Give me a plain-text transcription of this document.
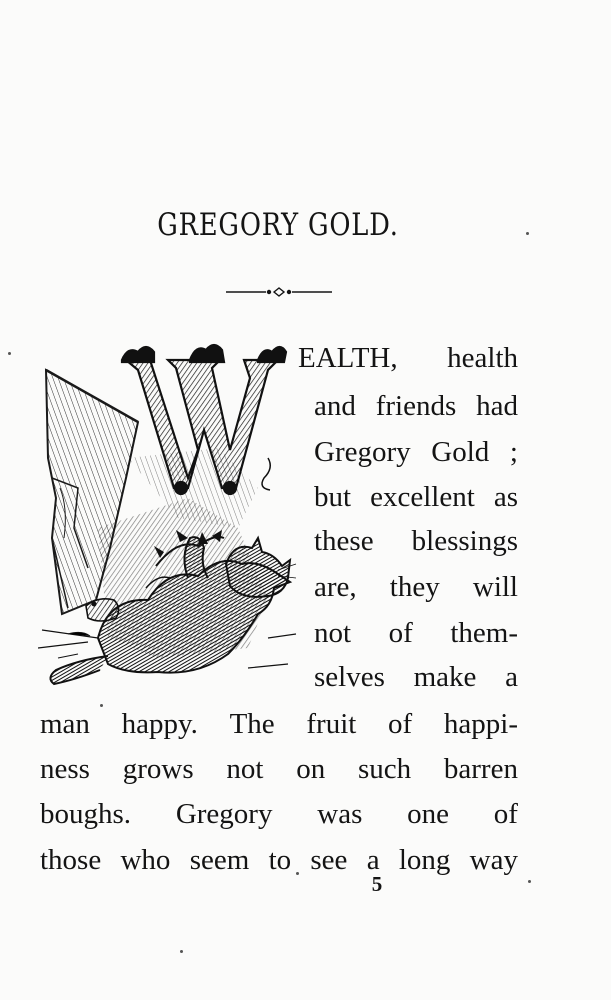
GREGORY GOLD.
EALTH, health
and friends had
Gregory Gold ;
but excellent as
these blessings
are, they will
not of them-
selves make a
man happy. The fruit of happi-
ness grows not on such barren
boughs. Gregory was one of
those who seem to see a long way
5
